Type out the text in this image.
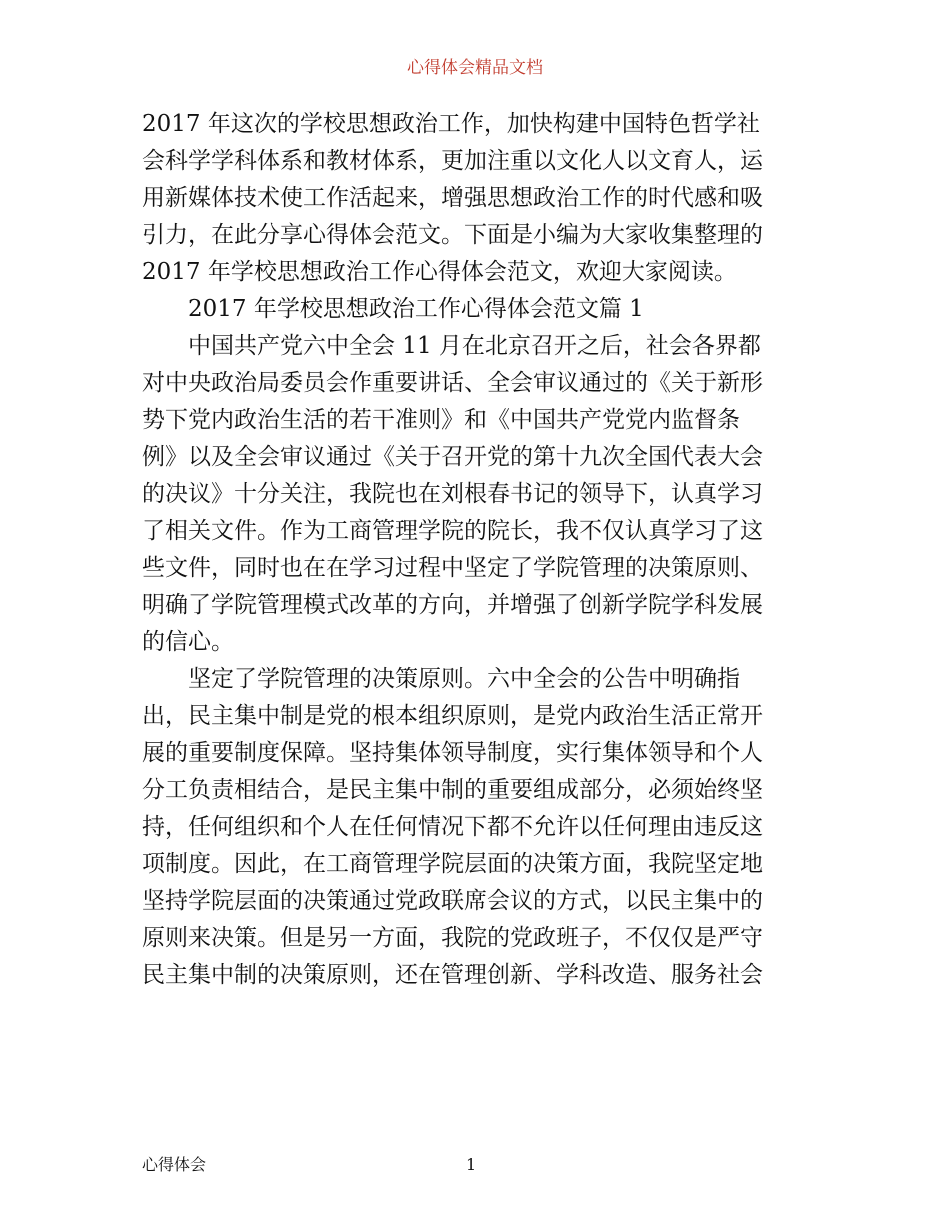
心得体会精品文档
2017 年这次的学校思想政治工作，加快构建中国特色哲学社
会科学学科体系和教材体系，更加注重以文化人以文育人，运
用新媒体技术使工作活起来，增强思想政治工作的时代感和吸
引力，在此分享心得体会范文。下面是小编为大家收集整理的
2017 年学校思想政治工作心得体会范文，欢迎大家阅读。
2017 年学校思想政治工作心得体会范文篇 1
中国共产党六中全会 11 月在北京召开之后，社会各界都
对中央政治局委员会作重要讲话、全会审议通过的《关于新形
势下党内政治生活的若干准则》和《中国共产党党内监督条
例》以及全会审议通过《关于召开党的第十九次全国代表大会
的决议》十分关注，我院也在刘根春书记的领导下，认真学习
了相关文件。作为工商管理学院的院长，我不仅认真学习了这
些文件，同时也在在学习过程中坚定了学院管理的决策原则、
明确了学院管理模式改革的方向，并增强了创新学院学科发展
的信心。
坚定了学院管理的决策原则。六中全会的公告中明确指
出，民主集中制是党的根本组织原则，是党内政治生活正常开
展的重要制度保障。坚持集体领导制度，实行集体领导和个人
分工负责相结合，是民主集中制的重要组成部分，必须始终坚
持，任何组织和个人在任何情况下都不允许以任何理由违反这
项制度。因此，在工商管理学院层面的决策方面，我院坚定地
坚持学院层面的决策通过党政联席会议的方式，以民主集中的
原则来决策。但是另一方面，我院的党政班子，不仅仅是严守
民主集中制的决策原则，还在管理创新、学科改造、服务社会
心得体会	1
